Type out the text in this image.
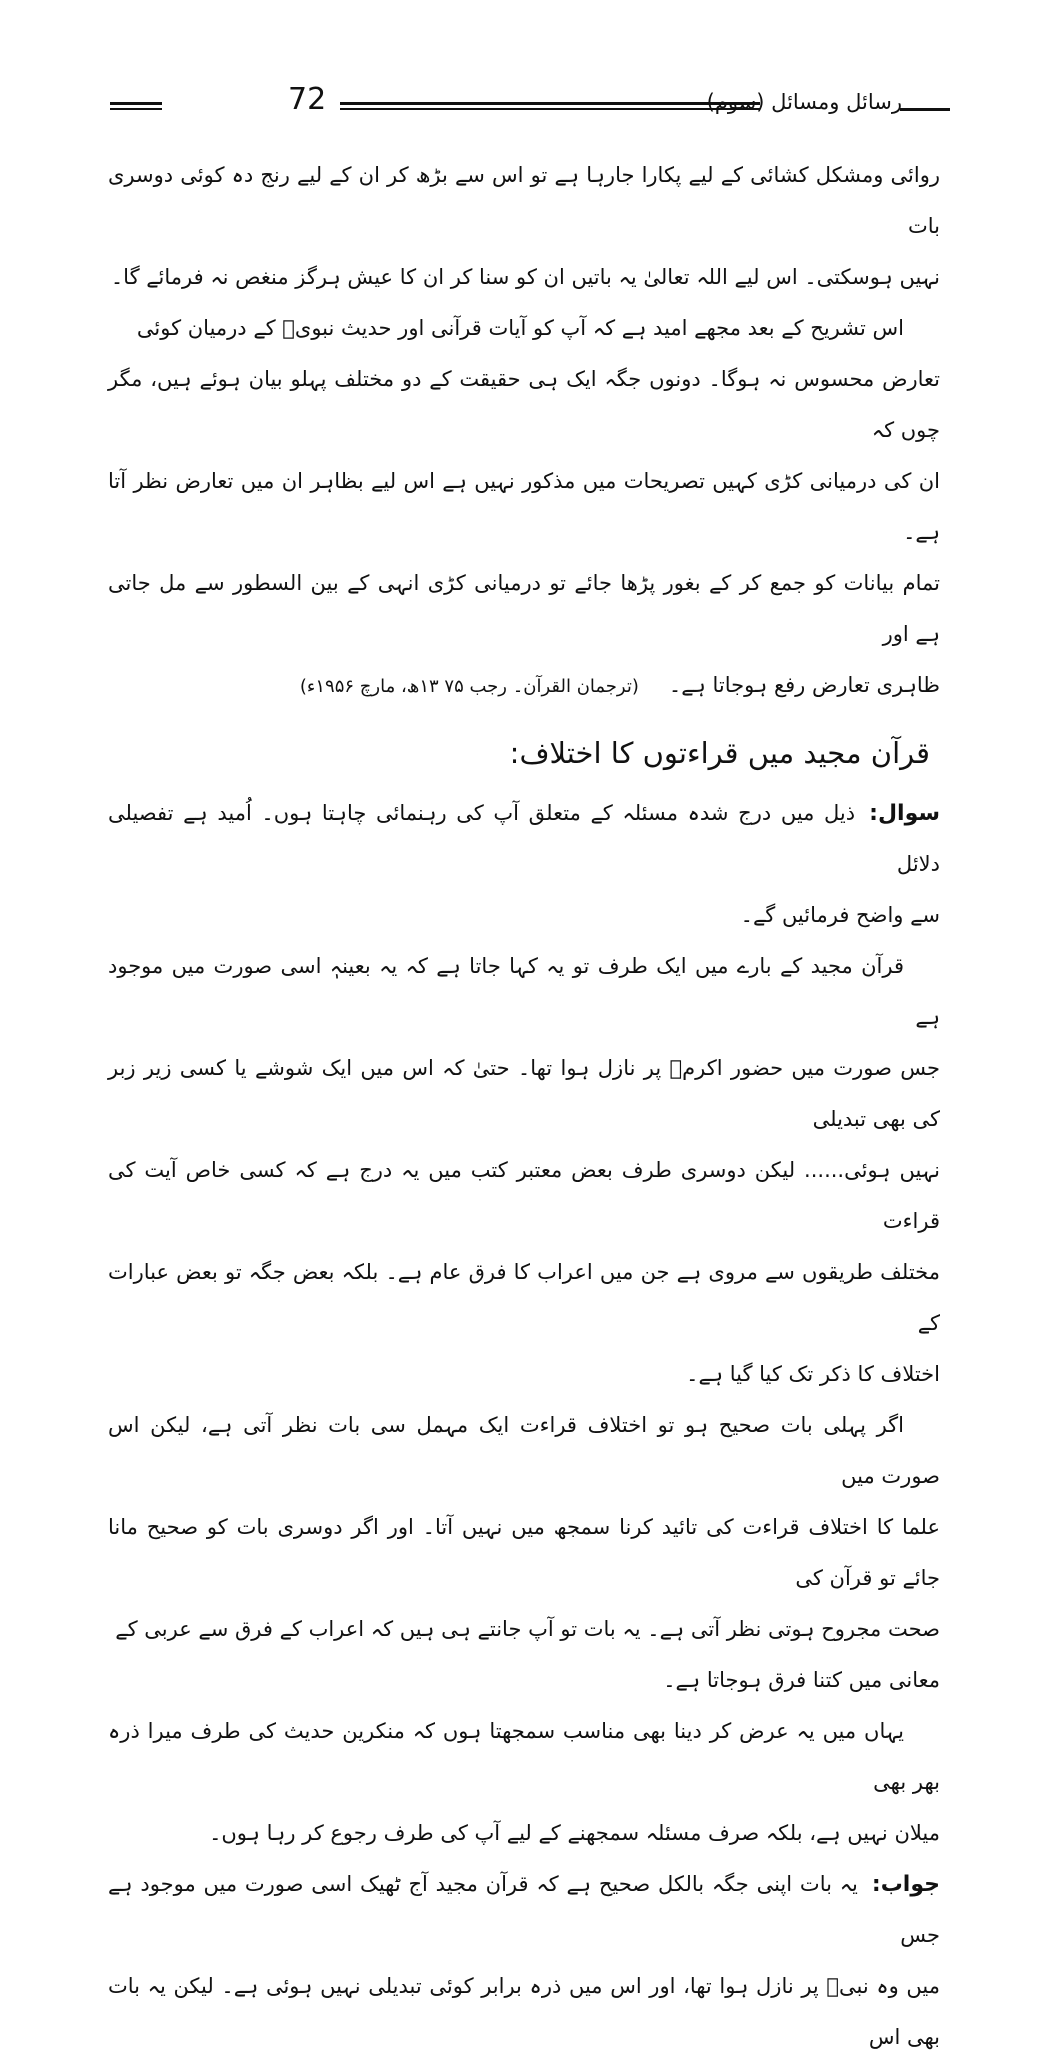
72	رسائل ومسائل (سوم)

روائی ومشکل کشائی کے لیے پکارا جارہا ہے تو اس سے بڑھ کر ان کے لیے رنج دہ کوئی دوسری بات

نہیں ہوسکتی۔ اس لیے اللہ تعالیٰ یہ باتیں ان کو سنا کر ان کا عیش ہرگز منغص نہ فرمائے گا۔

اس تشریح کے بعد مجھے امید ہے کہ آپ کو آیات قرآنی اور حدیث نبویؐ کے درمیان کوئی

تعارض محسوس نہ ہوگا۔ دونوں جگہ ایک ہی حقیقت کے دو مختلف پہلو بیان ہوئے ہیں، مگر چوں کہ

ان کی درمیانی کڑی کہیں تصریحات میں مذکور نہیں ہے اس لیے بظاہر ان میں تعارض نظر آتا ہے۔

تمام بیانات کو جمع کر کے بغور پڑھا جائے تو درمیانی کڑی انہی کے بین السطور سے مل جاتی ہے اور

ظاہری تعارض رفع ہوجاتا ہے۔(ترجمان القرآن۔ رجب ۷۵ ۱۳ھ، مارچ ۱۹۵۶ء)

قرآن مجید میں قراءتوں کا اختلاف:

سوال:ذیل میں درج شدہ مسئلہ کے متعلق آپ کی رہنمائی چاہتا ہوں۔ اُمید ہے تفصیلی دلائل

سے واضح فرمائیں گے۔

قرآن مجید کے بارے میں ایک طرف تو یہ کہا جاتا ہے کہ یہ بعینہٖ اسی صورت میں موجود ہے

جس صورت میں حضور اکرمؐ پر نازل ہوا تھا۔ حتیٰ کہ اس میں ایک شوشے یا کسی زیر زبر کی بھی تبدیلی

نہیں ہوئی...... لیکن دوسری طرف بعض معتبر کتب میں یہ درج ہے کہ کسی خاص آیت کی قراءت

مختلف طریقوں سے مروی ہے جن میں اعراب کا فرق عام ہے۔ بلکہ بعض جگہ تو بعض عبارات کے

اختلاف کا ذکر تک کیا گیا ہے۔

اگر پہلی بات صحیح ہو تو اختلاف قراءت ایک مہمل سی بات نظر آتی ہے، لیکن اس صورت میں

علما کا اختلاف قراءت کی تائید کرنا سمجھ میں نہیں آتا۔ اور اگر دوسری بات کو صحیح مانا جائے تو قرآن کی

صحت مجروح ہوتی نظر آتی ہے۔ یہ بات تو آپ جانتے ہی ہیں کہ اعراب کے فرق سے عربی کے

معانی میں کتنا فرق ہوجاتا ہے۔

یہاں میں یہ عرض کر دینا بھی مناسب سمجھتا ہوں کہ منکرین حدیث کی طرف میرا ذرہ بھر بھی

میلان نہیں ہے، بلکہ صرف مسئلہ سمجھنے کے لیے آپ کی طرف رجوع کر رہا ہوں۔

جواب:یہ بات اپنی جگہ بالکل صحیح ہے کہ قرآن مجید آج ٹھیک اسی صورت میں موجود ہے جس

میں وہ نبیؐ پر نازل ہوا تھا، اور اس میں ذرہ برابر کوئی تبدیلی نہیں ہوئی ہے۔ لیکن یہ بات بھی اس
